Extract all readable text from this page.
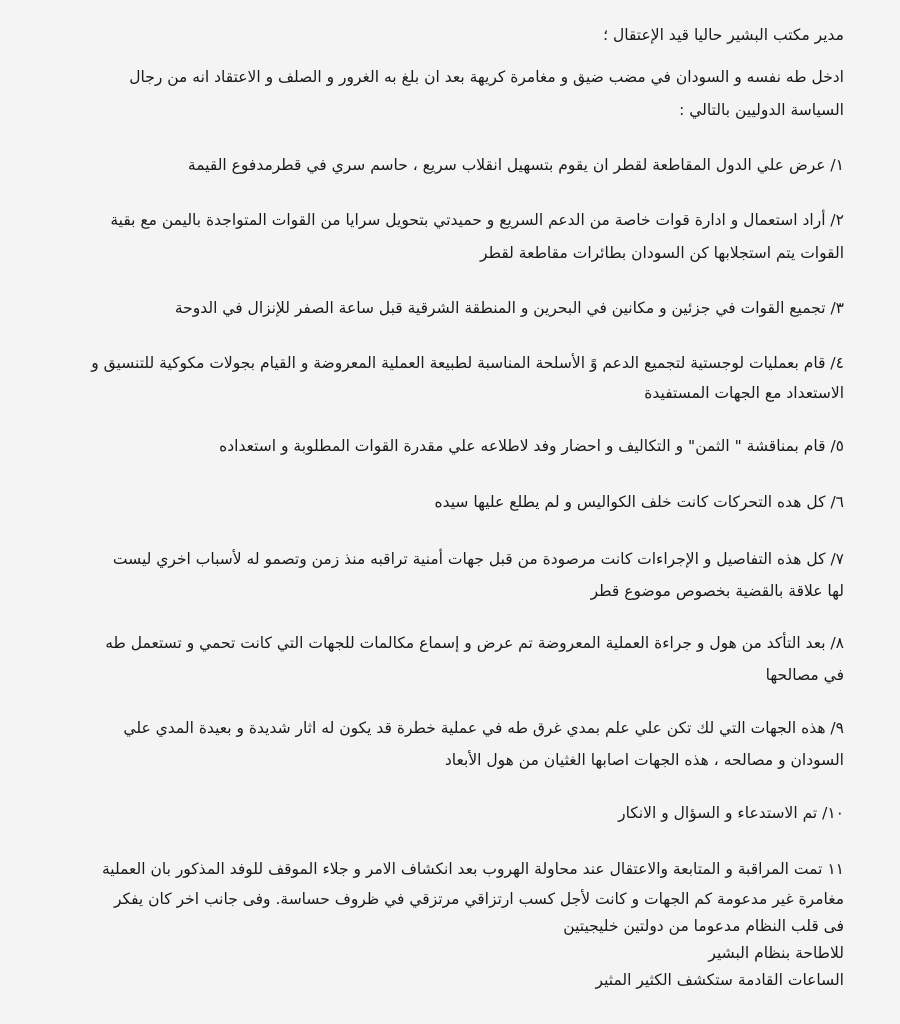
مدير مكتب البشير حاليا قيد الإعتقال ؛
ادخل طه نفسه و السودان في مضب ضيق و مغامرة كريهة بعد ان بلغ به الغرور و الصلف و الاعتقاد انه من رجال
السياسة الدوليين بالتالي :
١/ عرض علي الدول المقاطعة لقطر ان يقوم بتسهيل انقلاب سريع ، حاسم سري في قطرمدفوع القيمة
٢/ أراد استعمال و ادارة قوات خاصة من الدعم السريع و حميدتي بتحويل سرايا من القوات المتواجدة باليمن مع بقية
القوات يتم استجلابها كن السودان بطائرات مقاطعة لقطر
٣/ تجميع القوات في جزئين و مكانين في البحرين و المنطقة الشرقية قبل ساعة الصفر للإنزال في الدوحة
٤/ قام بعمليات لوجستية لتجميع الدعم وً الأسلحة المناسبة لطبيعة العملية المعروضة و القيام بجولات مكوكية للتنسيق و
الاستعداد مع الجهات المستفيدة
٥/ قام بمناقشة " الثمن" و التكاليف و احضار وفد لاطلاعه علي مقدرة القوات المطلوبة و استعداده
٦/ كل هده التحركات كانت خلف الكواليس و لم يطلع عليها سيده
٧/ كل هذه التفاصيل و الإجراءات كانت مرصودة من قبل جهات أمنية تراقبه منذ زمن وتصمو له لأسباب اخري ليست
لها علاقة بالقضية بخصوص موضوع قطر
٨/ بعد التأكد من هول و جراءة العملية المعروضة تم عرض و إسماع مكالمات للجهات التي كانت تحمي و تستعمل طه
في مصالحها
٩/ هذه الجهات التي لك تكن علي علم بمدي غرق طه في عملية خطرة قد يكون له اثار شديدة و بعيدة المدي علي
السودان و مصالحه ، هذه الجهات اصابها الغثيان من هول الأبعاد
١٠/ تم الاستدعاء و السؤال و الانكار
١١ تمت المراقبة و المتابعة والاعتقال عند محاولة الهروب بعد انكشاف الامر و جلاء الموقف للوفد المذكور بان العملية
مغامرة غير مدعومة كم الجهات و كانت لأجل كسب ارتزاقي مرتزقي في ظروف حساسة. وفى جانب اخر كان يفكر
فى قلب النظام مدعوما من دولتين خليجيتين
للاطاحة بنظام البشير
الساعات القادمة ستكشف الكثير المثير
